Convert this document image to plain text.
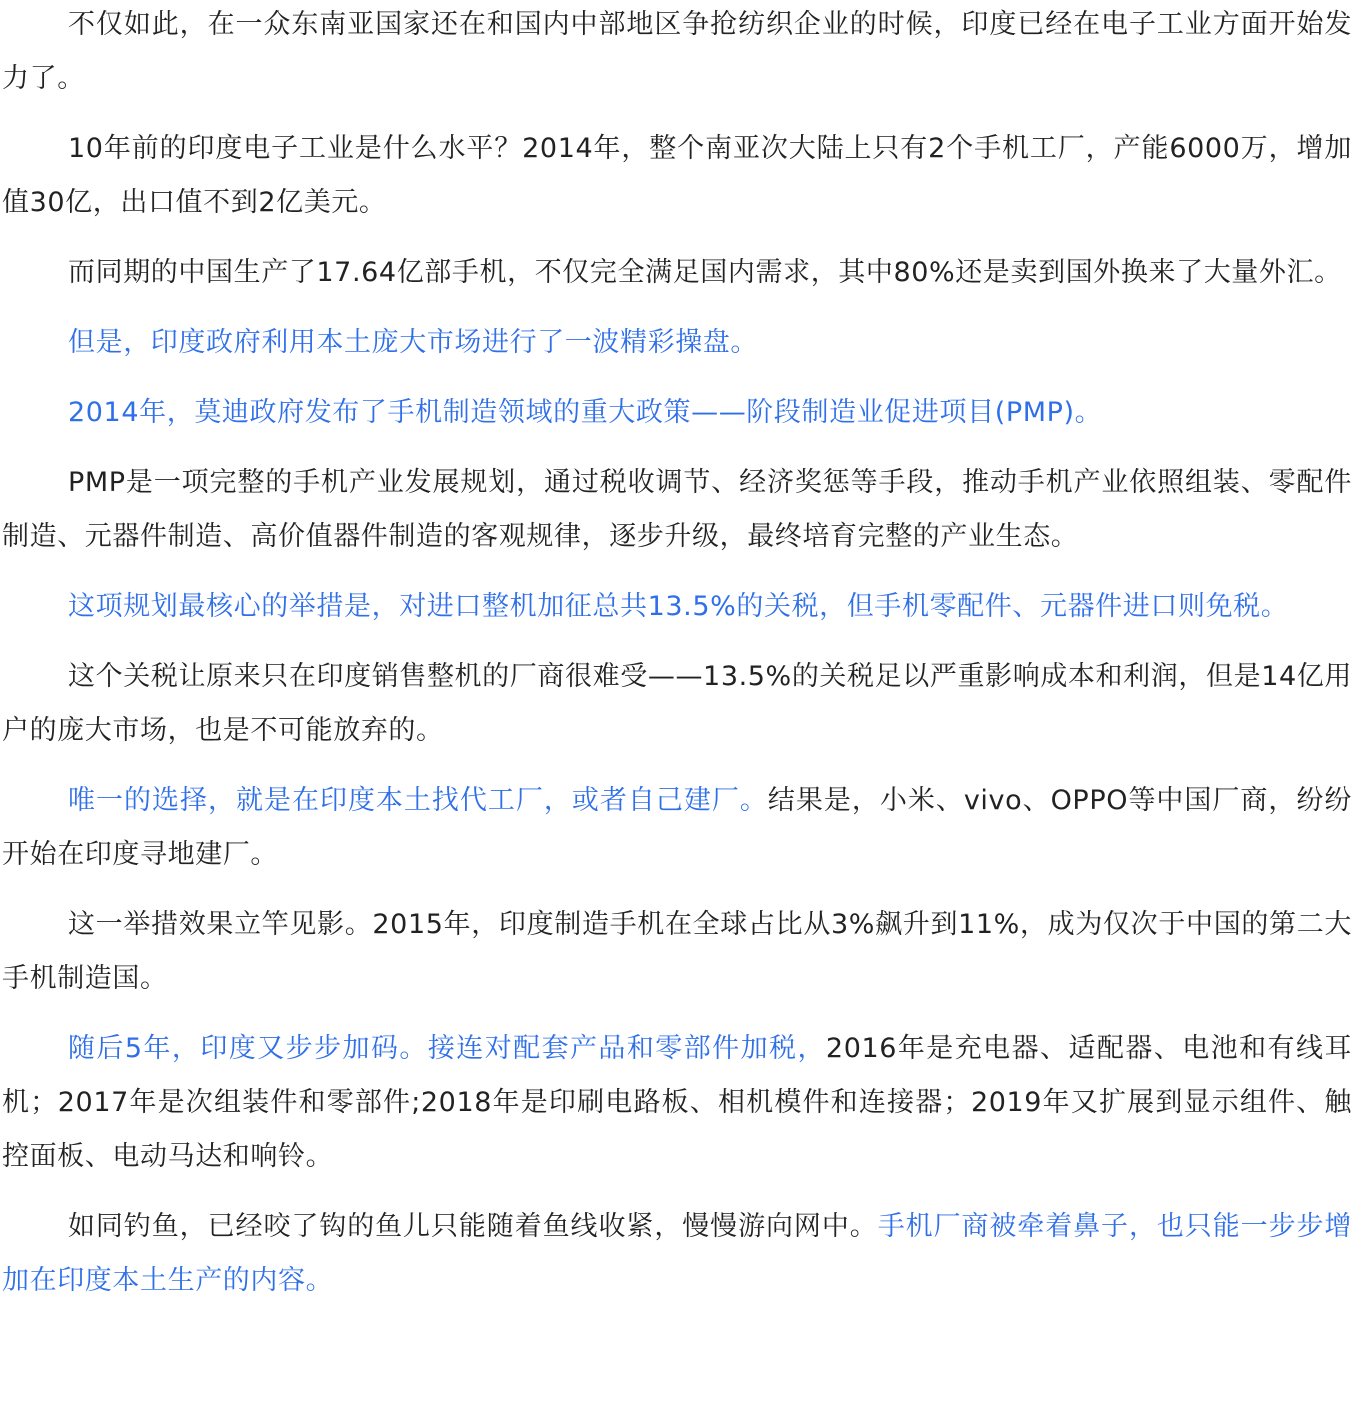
不仅如此，在一众东南亚国家还在和国内中部地区争抢纺织企业的时候，印度已经在电子工业方面开始发力了。

10年前的印度电子工业是什么水平？2014年，整个南亚次大陆上只有2个手机工厂，产能6000万，增加值30亿，出口值不到2亿美元。

而同期的中国生产了17.64亿部手机，不仅完全满足国内需求，其中80%还是卖到国外换来了大量外汇。

但是，印度政府利用本土庞大市场进行了一波精彩操盘。

2014年，莫迪政府发布了手机制造领域的重大政策——阶段制造业促进项目(PMP)。

PMP是一项完整的手机产业发展规划，通过税收调节、经济奖惩等手段，推动手机产业依照组装、零配件制造、元器件制造、高价值器件制造的客观规律，逐步升级，最终培育完整的产业生态。

这项规划最核心的举措是，对进口整机加征总共13.5%的关税，但手机零配件、元器件进口则免税。

这个关税让原来只在印度销售整机的厂商很难受——13.5%的关税足以严重影响成本和利润，但是14亿用户的庞大市场，也是不可能放弃的。

唯一的选择，就是在印度本土找代工厂，或者自己建厂。结果是，小米、vivo、OPPO等中国厂商，纷纷开始在印度寻地建厂。

这一举措效果立竿见影。2015年，印度制造手机在全球占比从3%飙升到11%，成为仅次于中国的第二大手机制造国。

随后5年，印度又步步加码。接连对配套产品和零部件加税，2016年是充电器、适配器、电池和有线耳机；2017年是次组装件和零部件;2018年是印刷电路板、相机模件和连接器；2019年又扩展到显示组件、触控面板、电动马达和响铃。

如同钓鱼，已经咬了钩的鱼儿只能随着鱼线收紧，慢慢游向网中。手机厂商被牵着鼻子，也只能一步步增加在印度本土生产的内容。
